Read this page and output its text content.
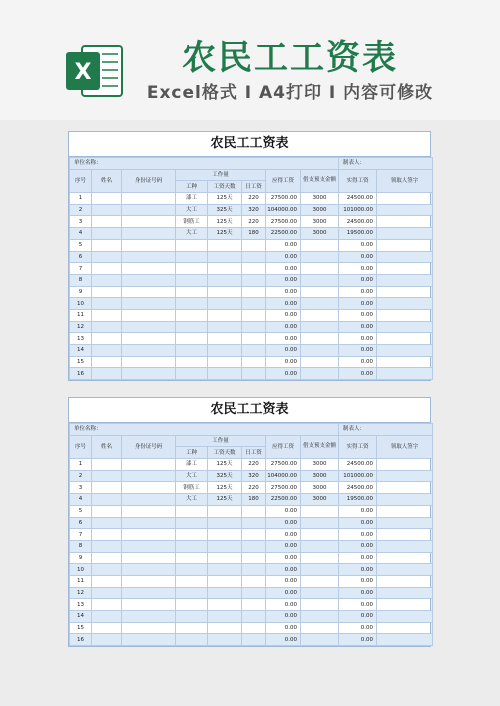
X	农民工工资表
Excel格式 I A4打印 I 内容可修改
农民工工资表
单位名称：								制表人：	
序号	姓名	身份证号码	工作量			应得工资	借支预支金额	实得工资	领取人签字
			工种	工资天数	日工资				
1			漆工	125天	220	27500.00	3000	24500.00	
2			大工	325天	320	104000.00	3000	101000.00	
3			钢筋工	125天	220	27500.00	3000	24500.00	
4			大工	125天	180	22500.00	3000	19500.00	
5						0.00		0.00	
6						0.00		0.00	
7						0.00		0.00	
8						0.00		0.00	
9						0.00		0.00	
10						0.00		0.00	
11						0.00		0.00	
12						0.00		0.00	
13						0.00		0.00	
14						0.00		0.00	
15						0.00		0.00	
16						0.00		0.00	
农民工工资表
单位名称：								制表人：	
序号	姓名	身份证号码	工作量			应得工资	借支预支金额	实得工资	领取人签字
			工种	工资天数	日工资				
1			漆工	125天	220	27500.00	3000	24500.00	
2			大工	325天	320	104000.00	3000	101000.00	
3			钢筋工	125天	220	27500.00	3000	24500.00	
4			大工	125天	180	22500.00	3000	19500.00	
5						0.00		0.00	
6						0.00		0.00	
7						0.00		0.00	
8						0.00		0.00	
9						0.00		0.00	
10						0.00		0.00	
11						0.00		0.00	
12						0.00		0.00	
13						0.00		0.00	
14						0.00		0.00	
15						0.00		0.00	
16						0.00		0.00	
